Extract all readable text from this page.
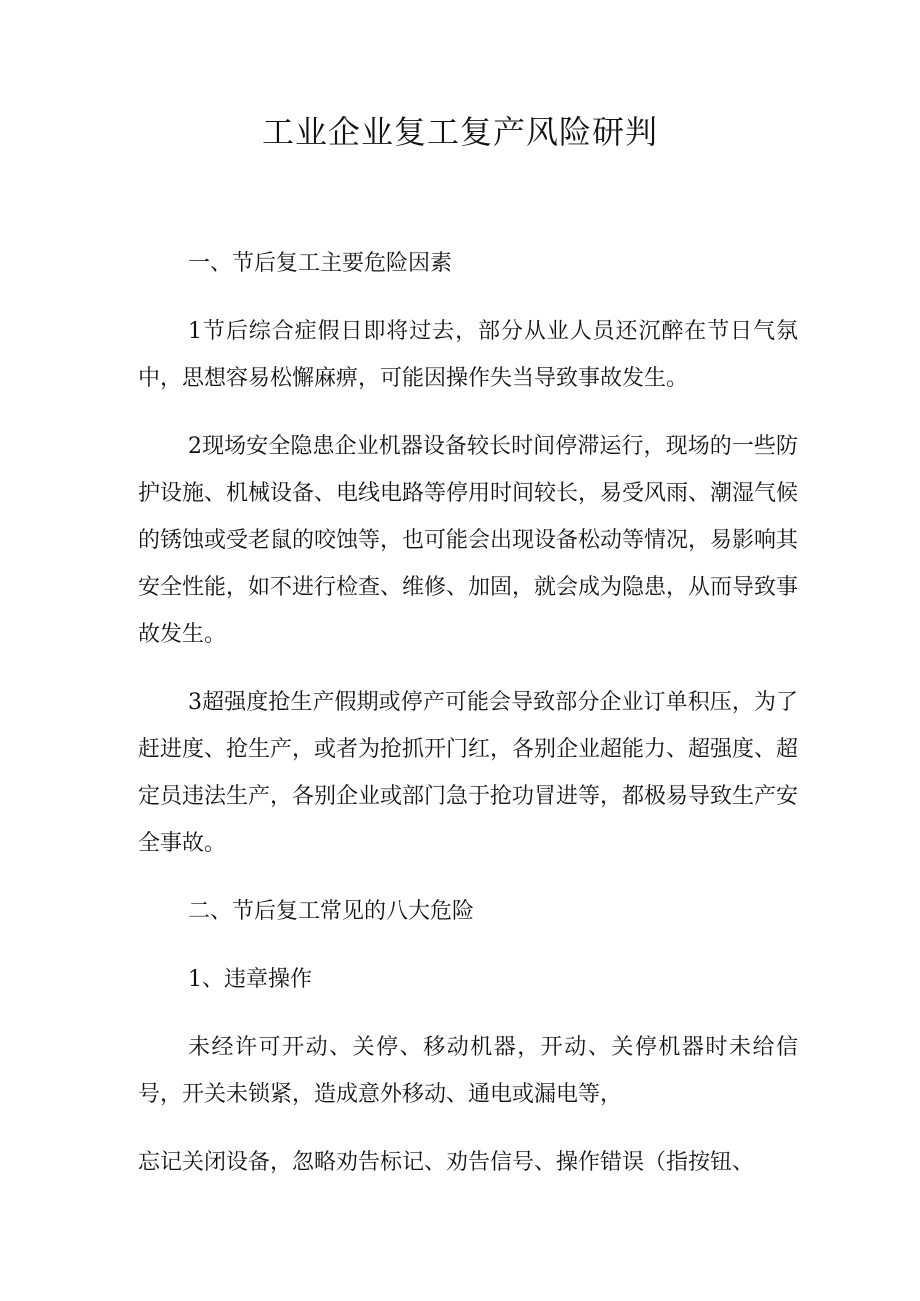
工业企业复工复产风险研判

一、节后复工主要危险因素

1节后综合症假日即将过去，部分从业人员还沉醉在节日气氛中，思想容易松懈麻痹，可能因操作失当导致事故发生。

2现场安全隐患企业机器设备较长时间停滞运行，现场的一些防护设施、机械设备、电线电路等停用时间较长，易受风雨、潮湿气候的锈蚀或受老鼠的咬蚀等，也可能会出现设备松动等情况，易影响其安全性能，如不进行检查、维修、加固，就会成为隐患，从而导致事故发生。

3超强度抢生产假期或停产可能会导致部分企业订单积压，为了赶进度、抢生产，或者为抢抓开门红，各别企业超能力、超强度、超定员违法生产，各别企业或部门急于抢功冒进等，都极易导致生产安全事故。

二、节后复工常见的八大危险

1、违章操作

未经许可开动、关停、移动机器，开动、关停机器时未给信号，开关未锁紧，造成意外移动、通电或漏电等，

忘记关闭设备，忽略劝告标记、劝告信号、操作错误（指按钮、
